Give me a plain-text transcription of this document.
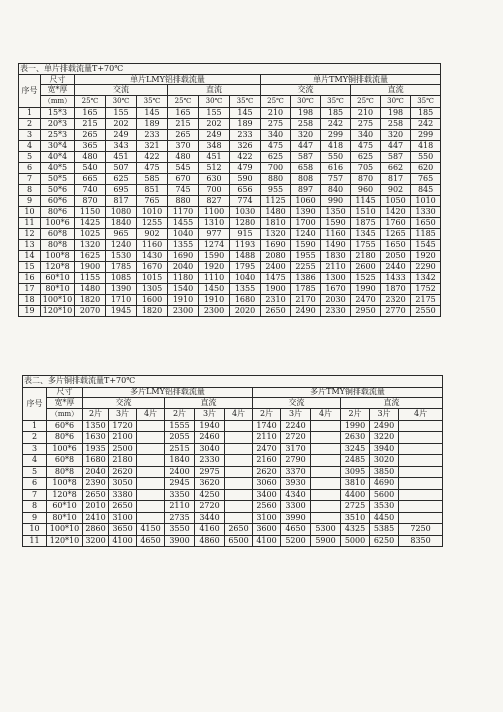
表一、单片排载流量T+70℃													
序号	尺寸	单片LMY铝排载流量						单片TMY铜排载流量					
	宽*厚	交流			直流			交流			直流		
	（mm）	25℃	30℃	35℃	25℃	30℃	35℃	25℃	30℃	35℃	25℃	30℃	35℃

1	15*3	165	155	145	165	155	145	210	198	185	210	198	185
2	20*3	215	202	189	215	202	189	275	258	242	275	258	242
3	25*3	265	249	233	265	249	233	340	320	299	340	320	299
4	30*4	365	343	321	370	348	326	475	447	418	475	447	418
5	40*4	480	451	422	480	451	422	625	587	550	625	587	550
6	40*5	540	507	475	545	512	479	700	658	616	705	662	620
7	50*5	665	625	585	670	630	590	880	808	757	870	817	765
8	50*6	740	695	851	745	700	656	955	897	840	960	902	845
9	60*6	870	817	765	880	827	774	1125	1060	990	1145	1050	1010
10	80*6	1150	1080	1010	1170	1100	1030	1480	1390	1350	1510	1420	1330
11	100*6	1425	1840	1255	1455	1310	1280	1810	1700	1590	1875	1760	1650
12	60*8	1025	965	902	1040	977	915	1320	1240	1160	1345	1265	1185
13	80*8	1320	1240	1160	1355	1274	1193	1690	1590	1490	1755	1650	1545
14	100*8	1625	1530	1430	1690	1590	1488	2080	1955	1830	2180	2050	1920
15	120*8	1900	1785	1670	2040	1920	1795	2400	2255	2110	2600	2440	2290
16	60*10	1155	1085	1015	1180	1110	1040	1475	1386	1300	1525	1433	1342
17	80*10	1480	1390	1305	1540	1450	1355	1900	1785	1670	1990	1870	1752
18	100*10	1820	1710	1600	1910	1910	1680	2310	2170	2030	2470	2320	2175
19	120*10	2070	1945	1820	2300	2300	2020	2650	2490	2330	2950	2770	2550
表二、多片铜排载流量T+70℃													
序号	尺寸	多片LMY铝排载流量						多片TMY铜排载流量					
	宽*厚	交流			直流			交流			直流		
	（mm）	2片	3片	4片	2片	3片	4片	2片	3片	4片	2片	3片	4片
1	60*6	1350	1720		1555	1940		1740	2240		1990	2490	
2	80*6	1630	2100		2055	2460		2110	2720		2630	3220	
3	100*6	1935	2500		2515	3040		2470	3170		3245	3940	
4	60*8	1680	2180		1840	2330		2160	2790		2485	3020	
5	80*8	2040	2620		2400	2975		2620	3370		3095	3850	
6	100*8	2390	3050		2945	3620		3060	3930		3810	4690	
7	120*8	2650	3380		3350	4250		3400	4340		4400	5600	
8	60*10	2010	2650		2110	2720		2560	3300		2725	3530	
9	80*10	2410	3100		2735	3440		3100	3990		3510	4450	
10	100*10	2860	3650	4150	3550	4160	2650	3600	4650	5300	4325	5385	7250
11	120*10	3200	4100	4650	3900	4860	6500	4100	5200	5900	5000	6250	8350
